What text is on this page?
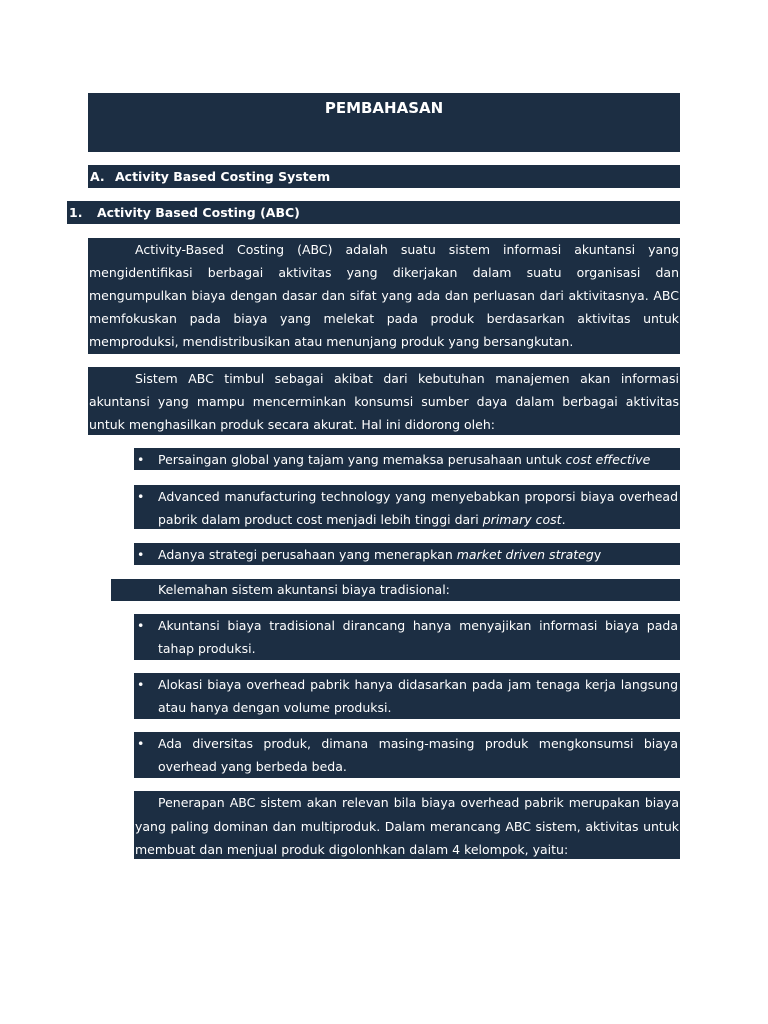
PEMBAHASAN
A. Activity Based Costing System
1. Activity Based Costing (ABC)
Activity-Based Costing (ABC) adalah suatu sistem informasi akuntansi yang mengidentifikasi berbagai aktivitas yang dikerjakan dalam suatu organisasi dan mengumpulkan biaya dengan dasar dan sifat yang ada dan perluasan dari aktivitasnya. ABC memfokuskan pada biaya yang melekat pada produk berdasarkan aktivitas untuk memproduksi, mendistribusikan atau menunjang produk yang bersangkutan.
Sistem ABC timbul sebagai akibat dari kebutuhan manajemen akan informasi akuntansi yang mampu mencerminkan konsumsi sumber daya dalam berbagai aktivitas untuk menghasilkan produk secara akurat. Hal ini didorong oleh:
• Persaingan global yang tajam yang memaksa perusahaan untuk cost effective
• Advanced manufacturing technology yang menyebabkan proporsi biaya overhead pabrik dalam product cost menjadi lebih tinggi dari primary cost.
• Adanya strategi perusahaan yang menerapkan market driven strategy
Kelemahan sistem akuntansi biaya tradisional:
• Akuntansi biaya tradisional dirancang hanya menyajikan informasi biaya pada tahap produksi.
• Alokasi biaya overhead pabrik hanya didasarkan pada jam tenaga kerja langsung atau hanya dengan volume produksi.
• Ada diversitas produk, dimana masing-masing produk mengkonsumsi biaya overhead yang berbeda beda.
Penerapan ABC sistem akan relevan bila biaya overhead pabrik merupakan biaya yang paling dominan dan multiproduk. Dalam merancang ABC sistem, aktivitas untuk membuat dan menjual produk digolonhkan dalam 4 kelompok, yaitu:
